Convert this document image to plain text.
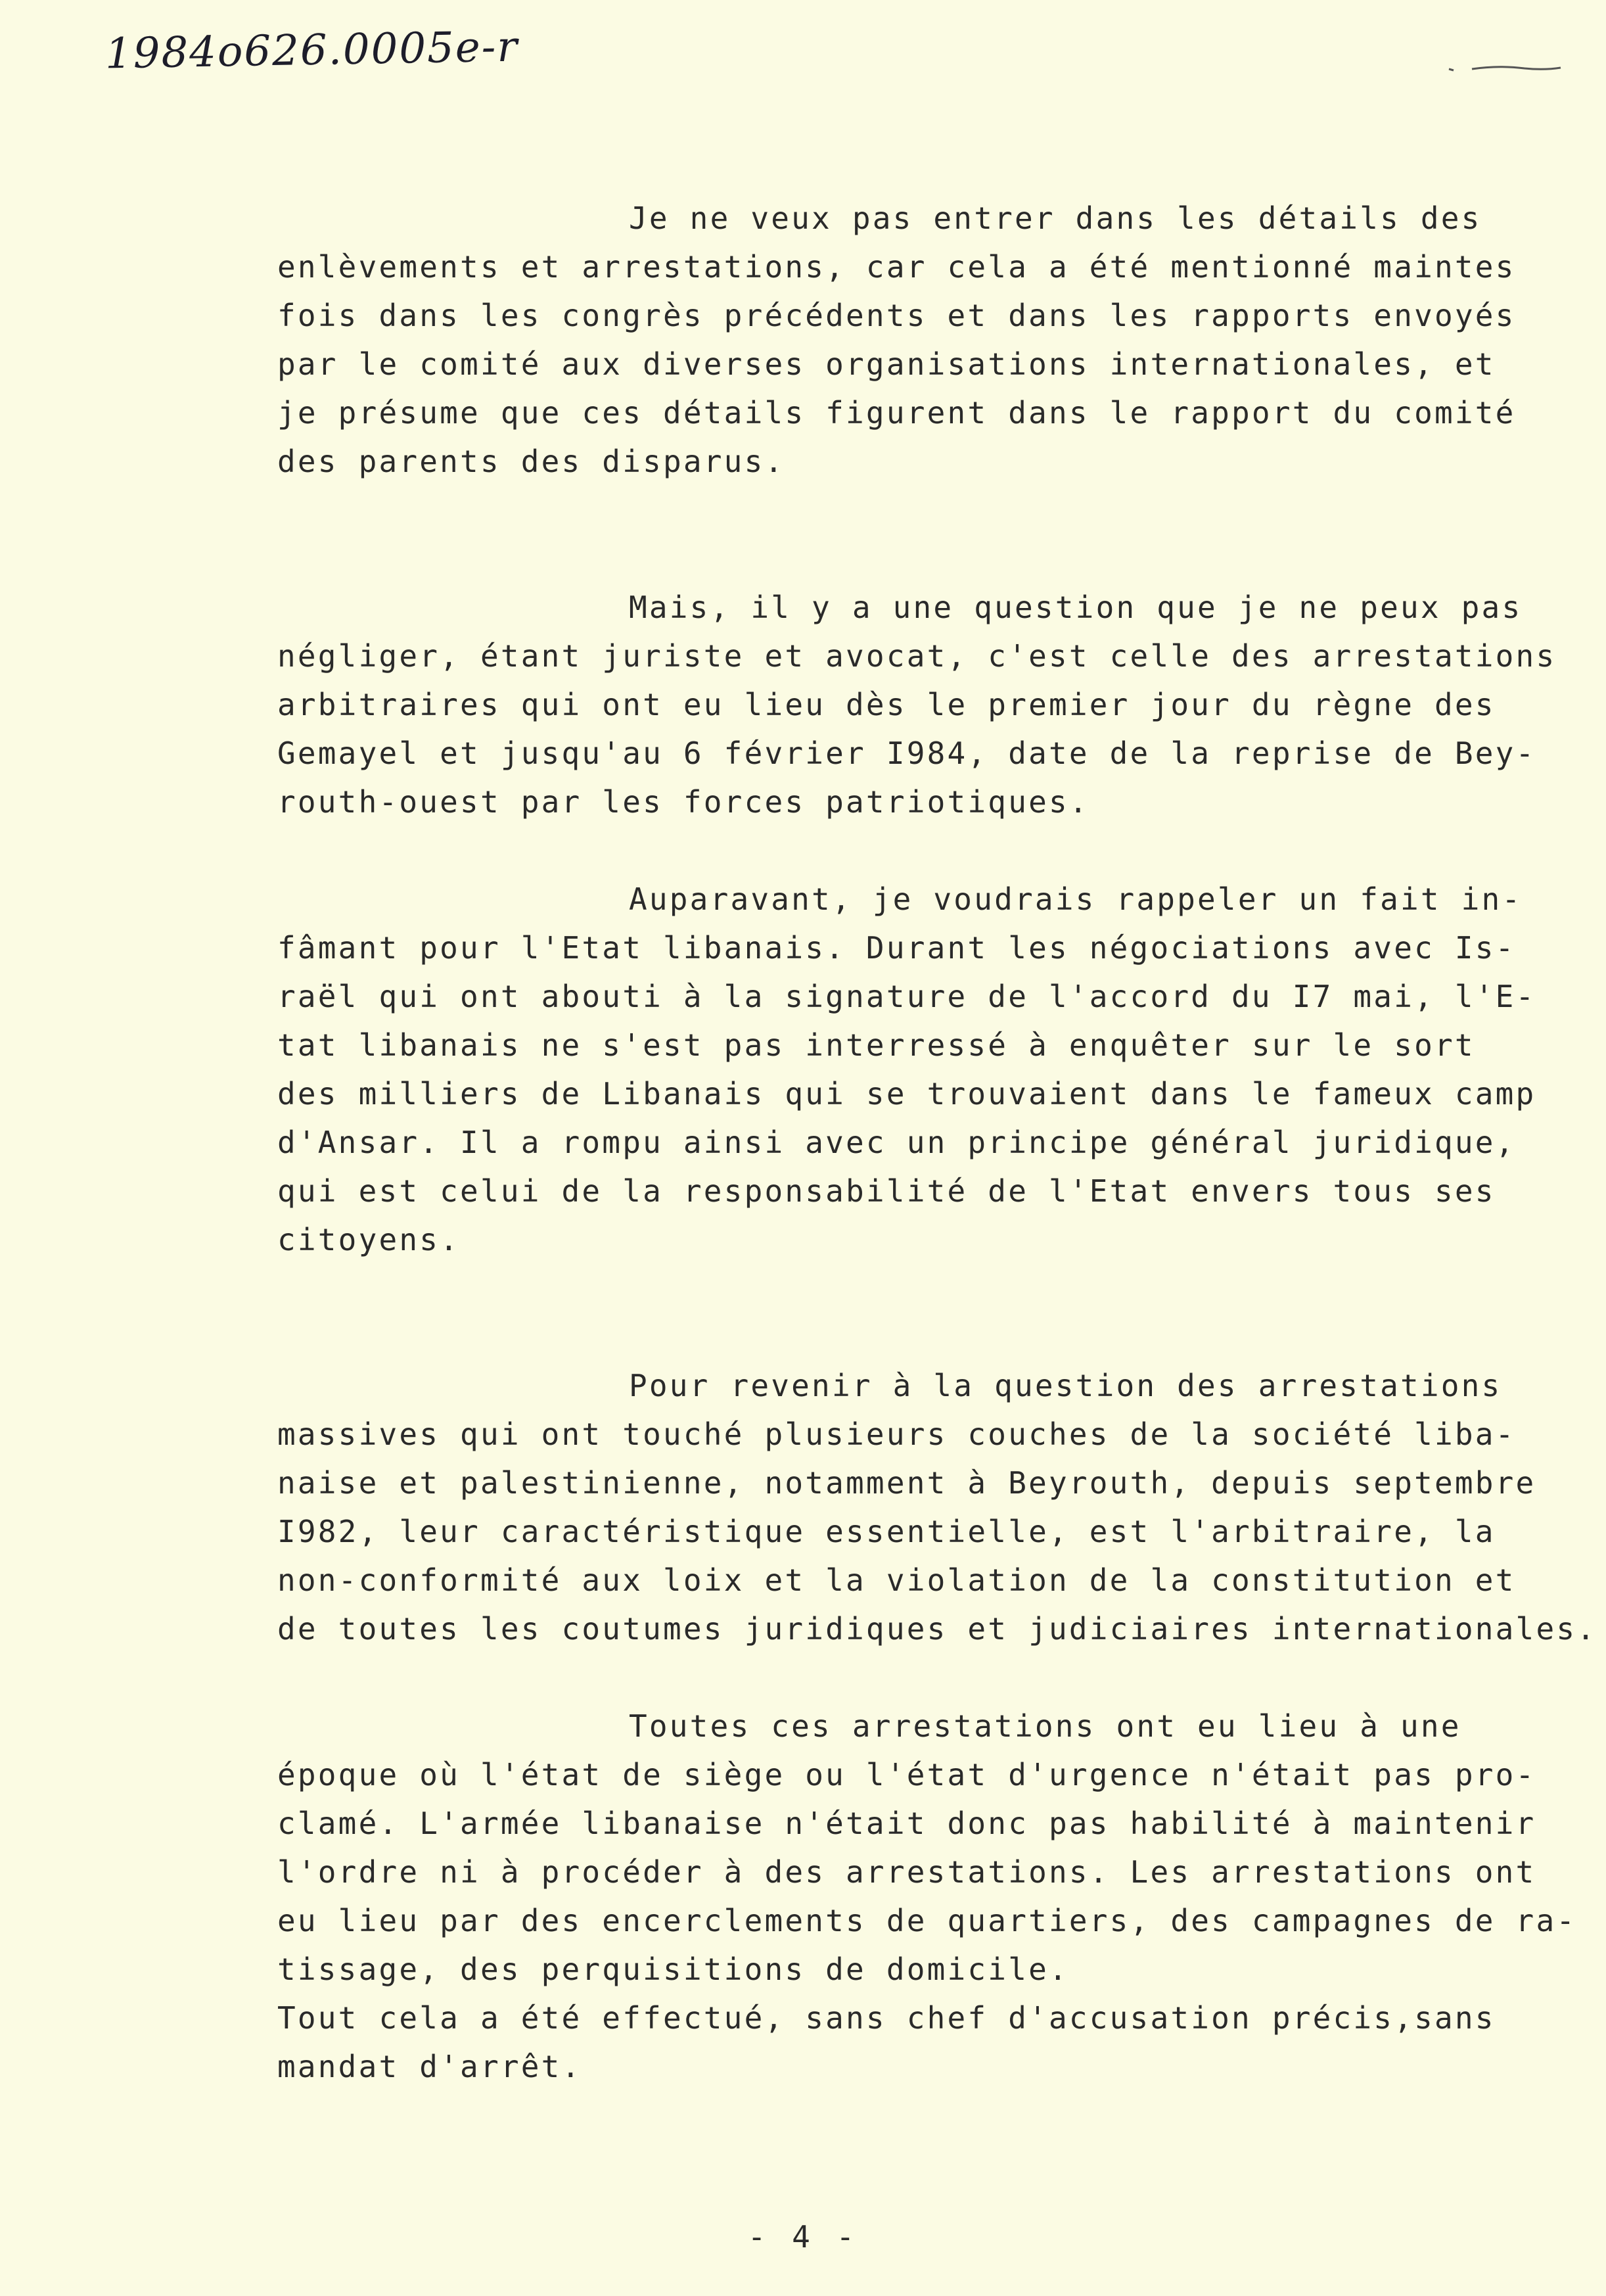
1984o626.0005e-r

Je ne veux pas entrer dans les détails des
enlèvements et arrestations, car cela a été mentionné maintes
fois dans les congrès précédents et dans les rapports envoyés
par le comité aux diverses organisations internationales, et
je présume que ces détails figurent dans le rapport du comité
des parents des disparus.

Mais, il y a une question que je ne peux pas
négliger, étant juriste et avocat, c'est celle des arrestations
arbitraires qui ont eu lieu dès le premier jour du règne des
Gemayel et jusqu'au 6 février I984, date de la reprise de Bey-
routh-ouest par les forces patriotiques.

Auparavant, je voudrais rappeler un fait in-
fâmant pour l'Etat libanais. Durant les négociations avec Is-
raël qui ont abouti à la signature de l'accord du I7 mai, l'E-
tat libanais ne s'est pas interressé à enquêter sur le sort
des milliers de Libanais qui se trouvaient dans le fameux camp
d'Ansar. Il a rompu ainsi avec un principe général juridique,
qui est celui de la responsabilité de l'Etat envers tous ses
citoyens.

Pour revenir à la question des arrestations
massives qui ont touché plusieurs couches de la société liba-
naise et palestinienne, notamment à Beyrouth, depuis septembre
I982, leur caractéristique essentielle, est l'arbitraire, la
non-conformité aux loix et la violation de la constitution et
de toutes les coutumes juridiques et judiciaires internationales.

Toutes ces arrestations ont eu lieu à une
époque où l'état de siège ou l'état d'urgence n'était pas pro-
clamé. L'armée libanaise n'était donc pas habilité à maintenir
l'ordre ni à procéder à des arrestations. Les arrestations ont
eu lieu par des encerclements de quartiers, des campagnes de ra-
tissage, des perquisitions de domicile.

Tout cela a été effectué, sans chef d'accusation précis,sans
mandat d'arrêt.

- 4 -
